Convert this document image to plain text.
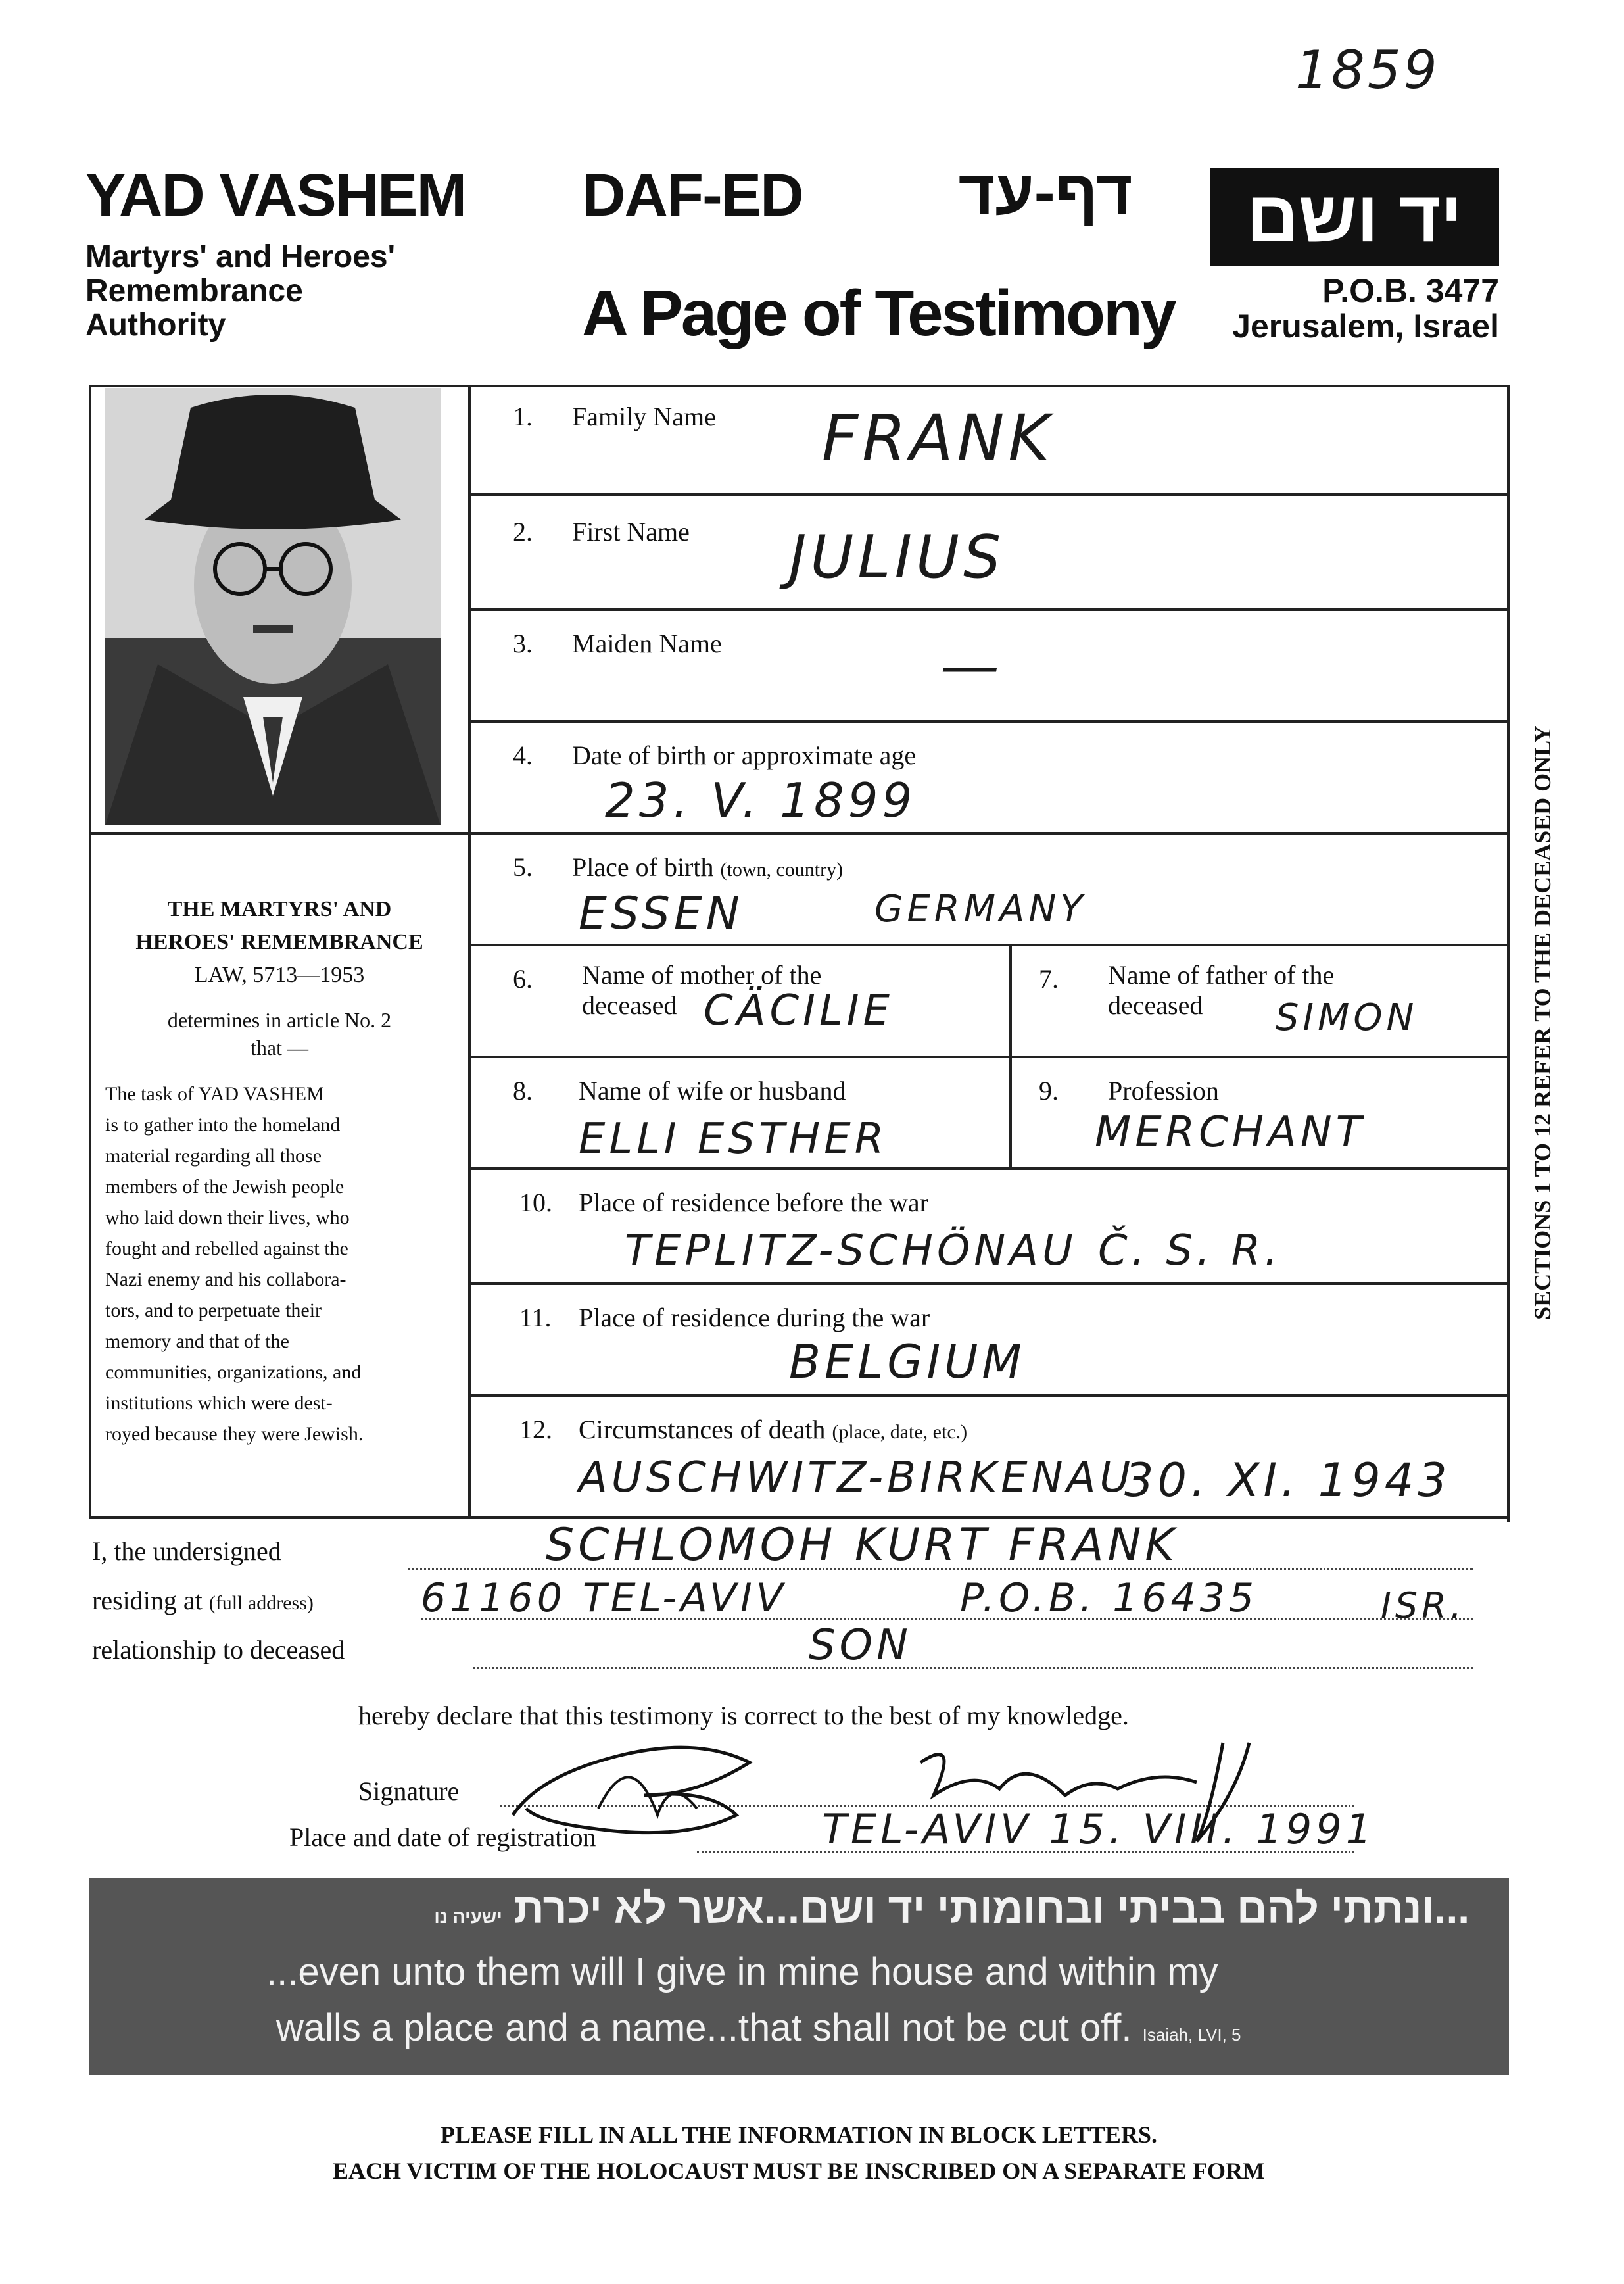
1859
YAD VASHEM
Martyrs' and Heroes'
Remembrance
Authority
DAF-ED	דף-עד
A Page of Testimony
יד ושם
P.O.B. 3477
Jerusalem, Israel
SECTIONS 1 TO 12 REFER TO THE DECEASED ONLY
THE MARTYRS' AND
HEROES' REMEMBRANCE
LAW, 5713—1953
determines in article No. 2
that —
The task of YAD VASHEM
is to gather into the homeland
material regarding all those
members of the Jewish people
who laid down their lives, who
fought and rebelled against the
Nazi enemy and his collabora-
tors, and to perpetuate their
memory and that of the
communities, organizations, and
institutions which were dest-
royed because they were Jewish.
1. Family Name FRANK
2. First Name JULIUS
3. Maiden Name	—
4. Date of birth or approximate age
23. V. 1899
5. Place of birth (town, country)
ESSEN	GERMANY
6. Name of mother of the
deceased CÄCILIE
7. Name of father of the
deceased	SIMON
8. Name of wife or husband
ELLI ESTHER
9. Profession
MERCHANT
10. Place of residence before the war
TEPLITZ-SCHÖNAU Č. S. R.
11. Place of residence during the war
BELGIUM
12. Circumstances of death (place, date, etc.)
AUSCHWITZ-BIRKENAU
30. XI. 1943
I, the undersigned	SCHLOMOH KURT FRANK
residing at (full address)	61160 TEL-AVIV	P.O.B. 16435	ISR.
relationship to deceased	SON
hereby declare that this testimony is correct to the best of my knowledge.
Signature
Place and date of registration	TEL-AVIV 15. VIII. 1991
...ונתתי להם בביתי ובחומותי יד ושם...אשר לא יכרת ישעיה נו
...even unto them will I give in mine house and within my
walls a place and a name...that shall not be cut off. Isaiah, LVI, 5
PLEASE FILL IN ALL THE INFORMATION IN BLOCK LETTERS.
EACH VICTIM OF THE HOLOCAUST MUST BE INSCRIBED ON A SEPARATE FORM
